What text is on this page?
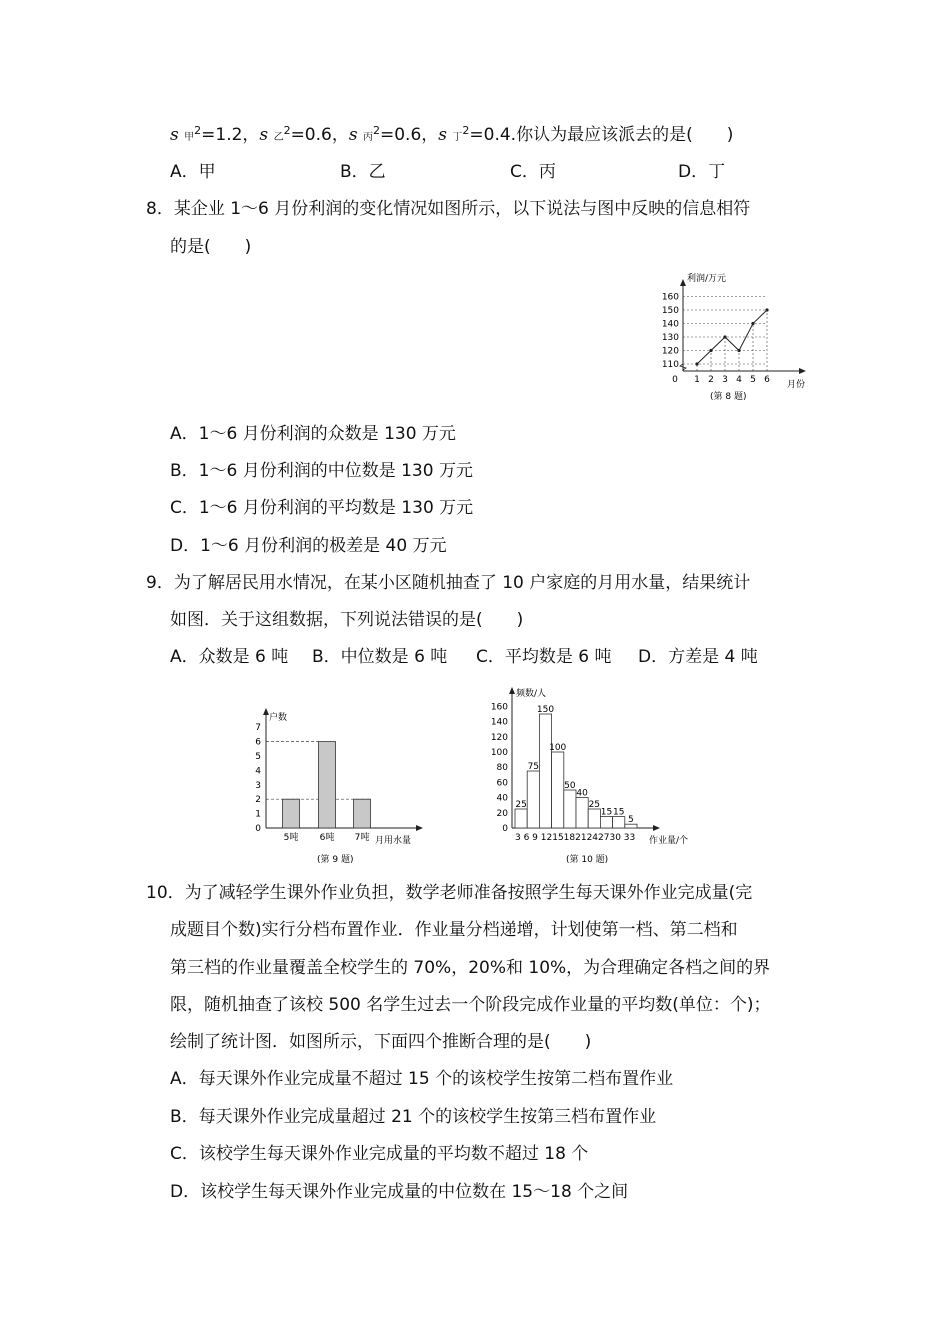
s 甲$^2$=1.2，s 乙$^2$=0.6，s 丙$^2$=0.6，s 丁$^2$=0.4.你认为最应该派去的是(　　)
A．甲	B．乙	C．丙	D．丁
8．某企业 1～6 月份利润的变化情况如图所示，以下说法与图中反映的信息相符
的是(　　)
利润/万元
月份
110
120
130
140
150
160
0 1 2 3 4 5 6
(第 8 题)
A．1～6 月份利润的众数是 130 万元
B．1～6 月份利润的中位数是 130 万元
C．1～6 月份利润的平均数是 130 万元
D．1～6 月份利润的极差是 40 万元
9．为了解居民用水情况，在某小区随机抽查了 10 户家庭的月用水量，结果统计
如图．关于这组数据，下列说法错误的是(　　)
A．众数是 6 吨 B．中位数是 6 吨 C．平均数是 6 吨 D．方差是 4 吨
户数
月用水量
0
1
2
3
4
5
6
7
5吨 6吨 7吨
(第 9 题)
频数/人
作业量/个
0
20
40
60
80
100
120
140
160
25
75
150
100
50
40
25
15 15
5
3 6 9 12151821242730 33
(第 10 题)
10．为了减轻学生课外作业负担，数学老师准备按照学生每天课外作业完成量(完
成题目个数)实行分档布置作业．作业量分档递增，计划使第一档、第二档和
第三档的作业量覆盖全校学生的 70%，20%和 10%，为合理确定各档之间的界
限，随机抽查了该校 500 名学生过去一个阶段完成作业量的平均数(单位：个)；
绘制了统计图．如图所示，下面四个推断合理的是(　　)
A．每天课外作业完成量不超过 15 个的该校学生按第二档布置作业
B．每天课外作业完成量超过 21 个的该校学生按第三档布置作业
C．该校学生每天课外作业完成量的平均数不超过 18 个
D．该校学生每天课外作业完成量的中位数在 15～18 个之间
